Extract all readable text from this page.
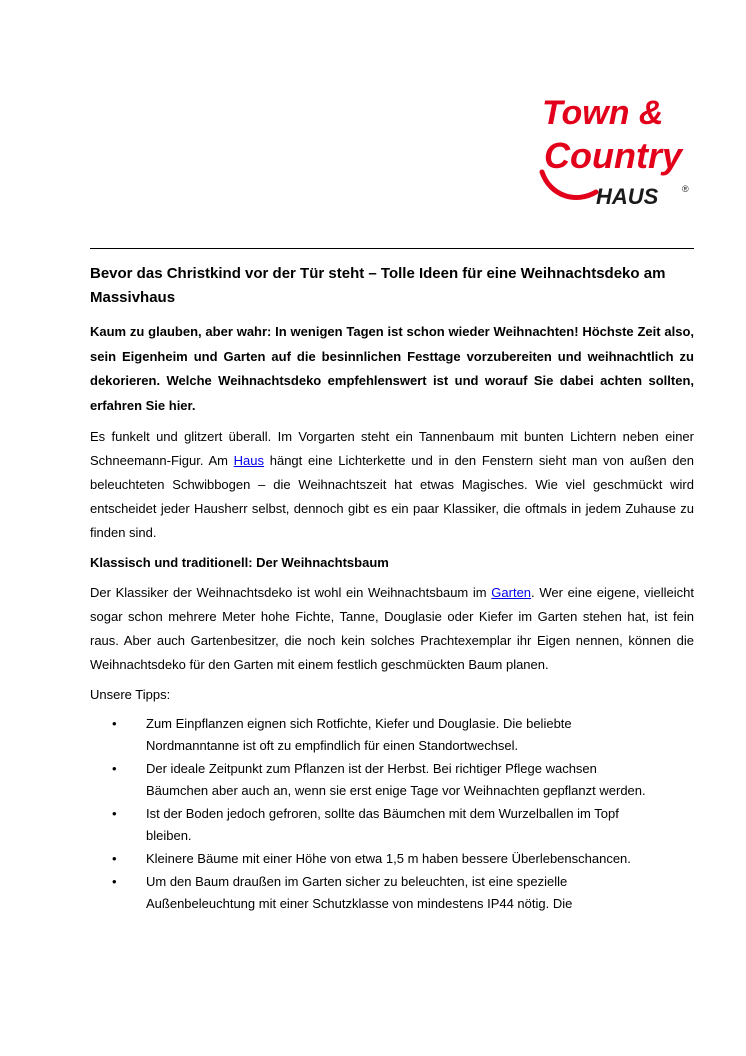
Town &
Country
HAUS	®
Bevor das Christkind vor der Tür steht – Tolle Ideen für eine Weihnachtsdeko am Massivhaus

Kaum zu glauben, aber wahr: In wenigen Tagen ist schon wieder Weihnachten! Höchste Zeit also, sein Eigenheim und Garten auf die besinnlichen Festtage vorzubereiten und weihnachtlich zu dekorieren. Welche Weihnachtsdeko empfehlenswert ist und worauf Sie dabei achten sollten, erfahren Sie hier.

Es funkelt und glitzert überall. Im Vorgarten steht ein Tannenbaum mit bunten Lichtern neben einer Schneemann-Figur. Am Haus hängt eine Lichterkette und in den Fenstern sieht man von außen den beleuchteten Schwibbogen – die Weihnachtszeit hat etwas Magisches. Wie viel geschmückt wird entscheidet jeder Hausherr selbst, dennoch gibt es ein paar Klassiker, die oftmals in jedem Zuhause zu finden sind.

Klassisch und traditionell: Der Weihnachtsbaum

Der Klassiker der Weihnachtsdeko ist wohl ein Weihnachtsbaum im Garten. Wer eine eigene, vielleicht sogar schon mehrere Meter hohe Fichte, Tanne, Douglasie oder Kiefer im Garten stehen hat, ist fein raus. Aber auch Gartenbesitzer, die noch kein solches Prachtexemplar ihr Eigen nennen, können die Weihnachtsdeko für den Garten mit einem festlich geschmückten Baum planen.

Unsere Tipps:

• Zum Einpflanzen eignen sich Rotfichte, Kiefer und Douglasie. Die beliebte Nordmanntanne ist oft zu empfindlich für einen Standortwechsel.
• Der ideale Zeitpunkt zum Pflanzen ist der Herbst. Bei richtiger Pflege wachsen Bäumchen aber auch an, wenn sie erst enige Tage vor Weihnachten gepflanzt werden.
• Ist der Boden jedoch gefroren, sollte das Bäumchen mit dem Wurzelballen im Topf bleiben.
• Kleinere Bäume mit einer Höhe von etwa 1,5 m haben bessere Überlebenschancen.
• Um den Baum draußen im Garten sicher zu beleuchten, ist eine spezielle Außenbeleuchtung mit einer Schutzklasse von mindestens IP44 nötig. Die
